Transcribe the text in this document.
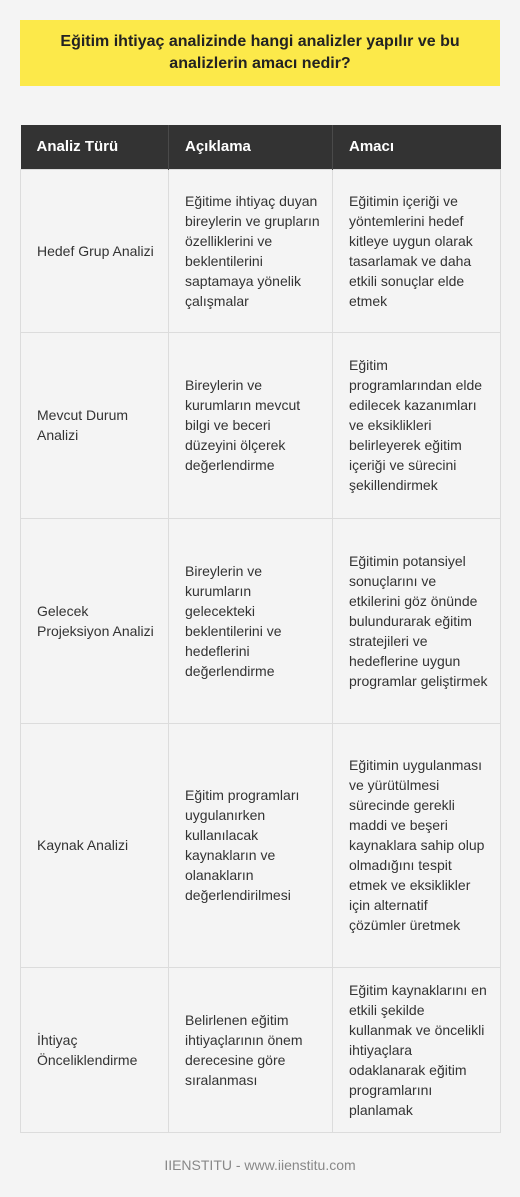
Eğitim ihtiyaç analizinde hangi analizler yapılır ve bu analizlerin amacı nedir?
Analiz Türü	Açıklama	Amacı
Hedef Grup Analizi	Eğitime ihtiyaç duyan bireylerin ve grupların özelliklerini ve beklentilerini saptamaya yönelik çalışmalar	Eğitimin içeriği ve yöntemlerini hedef kitleye uygun olarak tasarlamak ve daha etkili sonuçlar elde etmek
Mevcut Durum Analizi	Bireylerin ve kurumların mevcut bilgi ve beceri düzeyini ölçerek değerlendirme	Eğitim programlarından elde edilecek kazanımları ve eksiklikleri belirleyerek eğitim içeriği ve sürecini şekillendirmek
Gelecek Projeksiyon Analizi	Bireylerin ve kurumların gelecekteki beklentilerini ve hedeflerini değerlendirme	Eğitimin potansiyel sonuçlarını ve etkilerini göz önünde bulundurarak eğitim stratejileri ve hedeflerine uygun programlar geliştirmek
Kaynak Analizi	Eğitim programları uygulanırken kullanılacak kaynakların ve olanakların değerlendirilmesi	Eğitimin uygulanması ve yürütülmesi sürecinde gerekli maddi ve beşeri kaynaklara sahip olup olmadığını tespit etmek ve eksiklikler için alternatif çözümler üretmek
İhtiyaç Önceliklendirme	Belirlenen eğitim ihtiyaçlarının önem derecesine göre sıralanması	Eğitim kaynaklarını en etkili şekilde kullanmak ve öncelikli ihtiyaçlara odaklanarak eğitim programlarını planlamak
IIENSTITU - www.iienstitu.com
